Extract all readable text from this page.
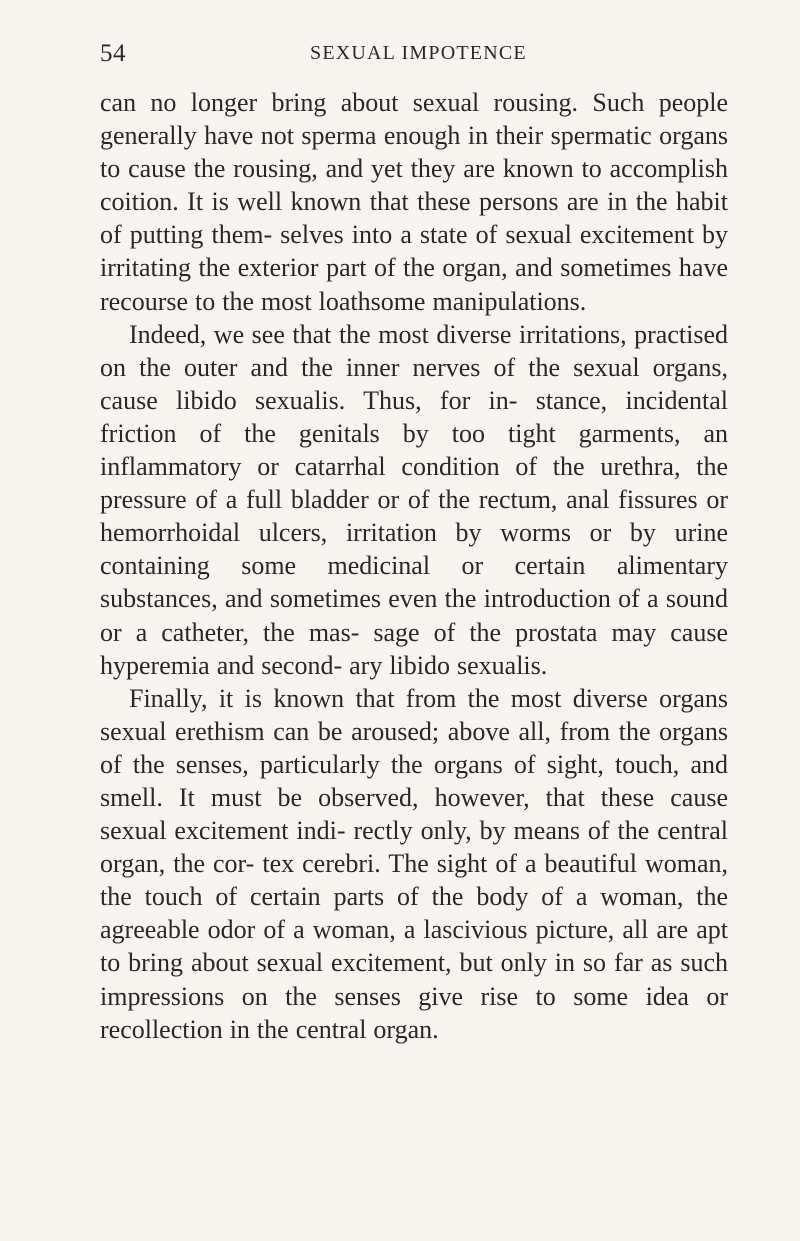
54	SEXUAL IMPOTENCE

can no longer bring about sexual rousing. Such people generally have not sperma enough in their spermatic organs to cause the rousing, and yet they are known to accomplish coition. It is well known that these persons are in the habit of putting them- selves into a state of sexual excitement by irritating the exterior part of the organ, and sometimes have recourse to the most loathsome manipulations.

Indeed, we see that the most diverse irritations, practised on the outer and the inner nerves of the sexual organs, cause libido sexualis. Thus, for in- stance, incidental friction of the genitals by too tight garments, an inflammatory or catarrhal condition of the urethra, the pressure of a full bladder or of the rectum, anal fissures or hemorrhoidal ulcers, irritation by worms or by urine containing some medicinal or certain alimentary substances, and sometimes even the introduction of a sound or a catheter, the mas- sage of the prostata may cause hyperemia and second- ary libido sexualis.

Finally, it is known that from the most diverse organs sexual erethism can be aroused; above all, from the organs of the senses, particularly the organs of sight, touch, and smell. It must be observed, however, that these cause sexual excitement indi- rectly only, by means of the central organ, the cor- tex cerebri. The sight of a beautiful woman, the touch of certain parts of the body of a woman, the agreeable odor of a woman, a lascivious picture, all are apt to bring about sexual excitement, but only in so far as such impressions on the senses give rise to some idea or recollection in the central organ.
